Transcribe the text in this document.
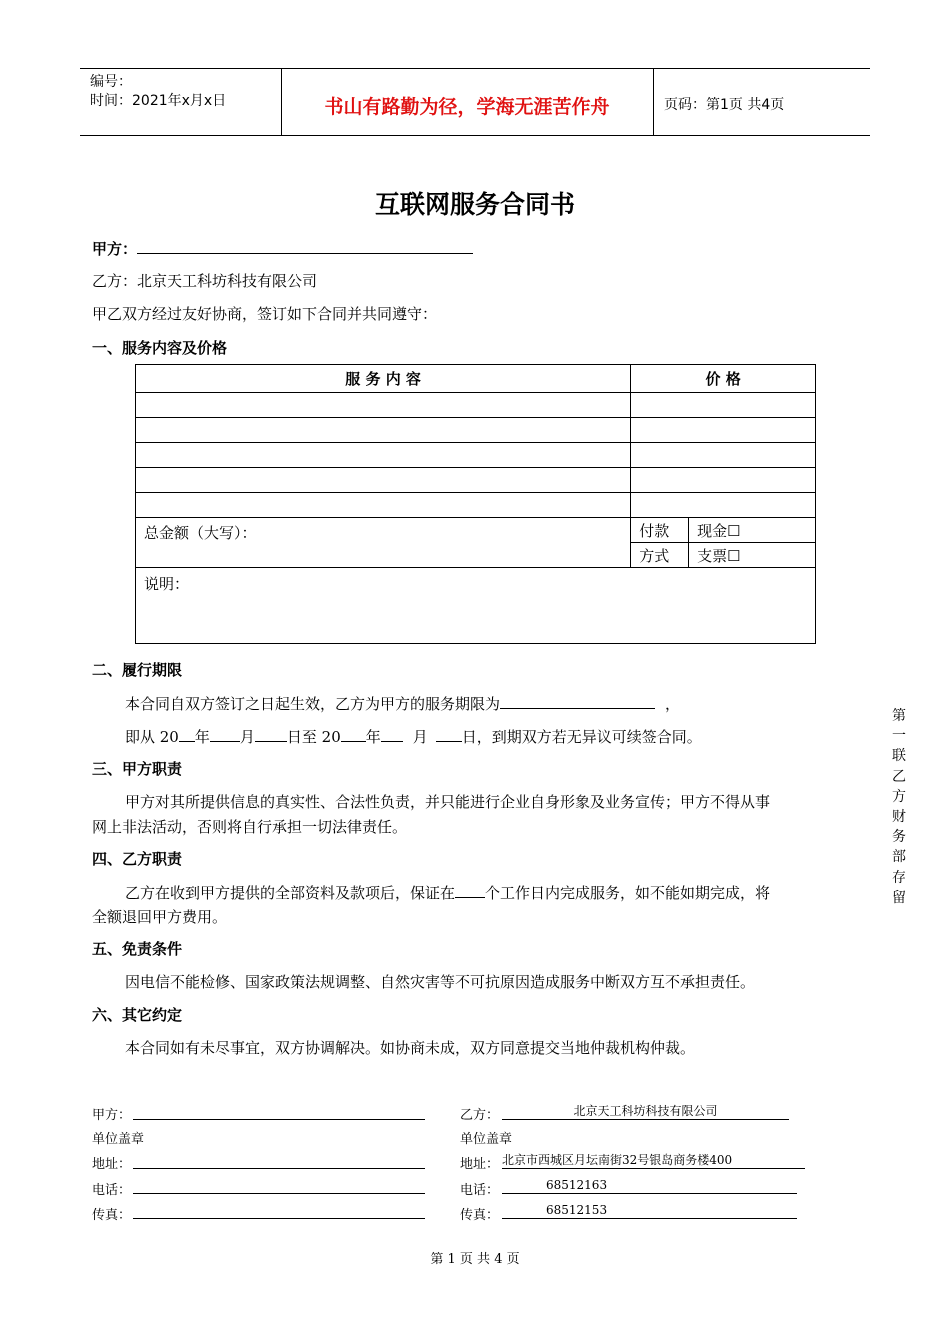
编号：
时间：2021年x月x日	书山有路勤为径，学海无涯苦作舟	页码：第1页 共4页
互联网服务合同书
甲方：
乙方：北京天工科坊科技有限公司
甲乙双方经过友好协商，签订如下合同并共同遵守：
一、服务内容及价格
服 务 内 容	价 格	

总金额（大写）：	付款	现金☐
	方式	支票☐
说明：		
二、履行期限
本合同自双方签订之日起生效，乙方为甲方的服务期限为	，
即从 20 年 月 日至 20 年 月 日，到期双方若无异议可续签合同。
三、甲方职责
甲方对其所提供信息的真实性、合法性负责，并只能进行企业自身形象及业务宣传；甲方不得从事
网上非法活动，否则将自行承担一切法律责任。
四、乙方职责
乙方在收到甲方提供的全部资料及款项后，保证在 个工作日内完成服务，如不能如期完成，将
全额退回甲方费用。
五、免责条件
因电信不能检修、国家政策法规调整、自然灾害等不可抗原因造成服务中断双方互不承担责任。
六、其它约定
本合同如有未尽事宜，双方协调解决。如协商未成，双方同意提交当地仲裁机构仲裁。
甲方：
单位盖章
地址：
电话：
传真：
乙方：	北京天工科坊科技有限公司
单位盖章
地址： 北京市西城区月坛南街32号银岛商务楼400
电话：	68512163
传真：	68512153
第
一
联
乙
方
财
务
部
存
留
第 1 页 共 4 页
